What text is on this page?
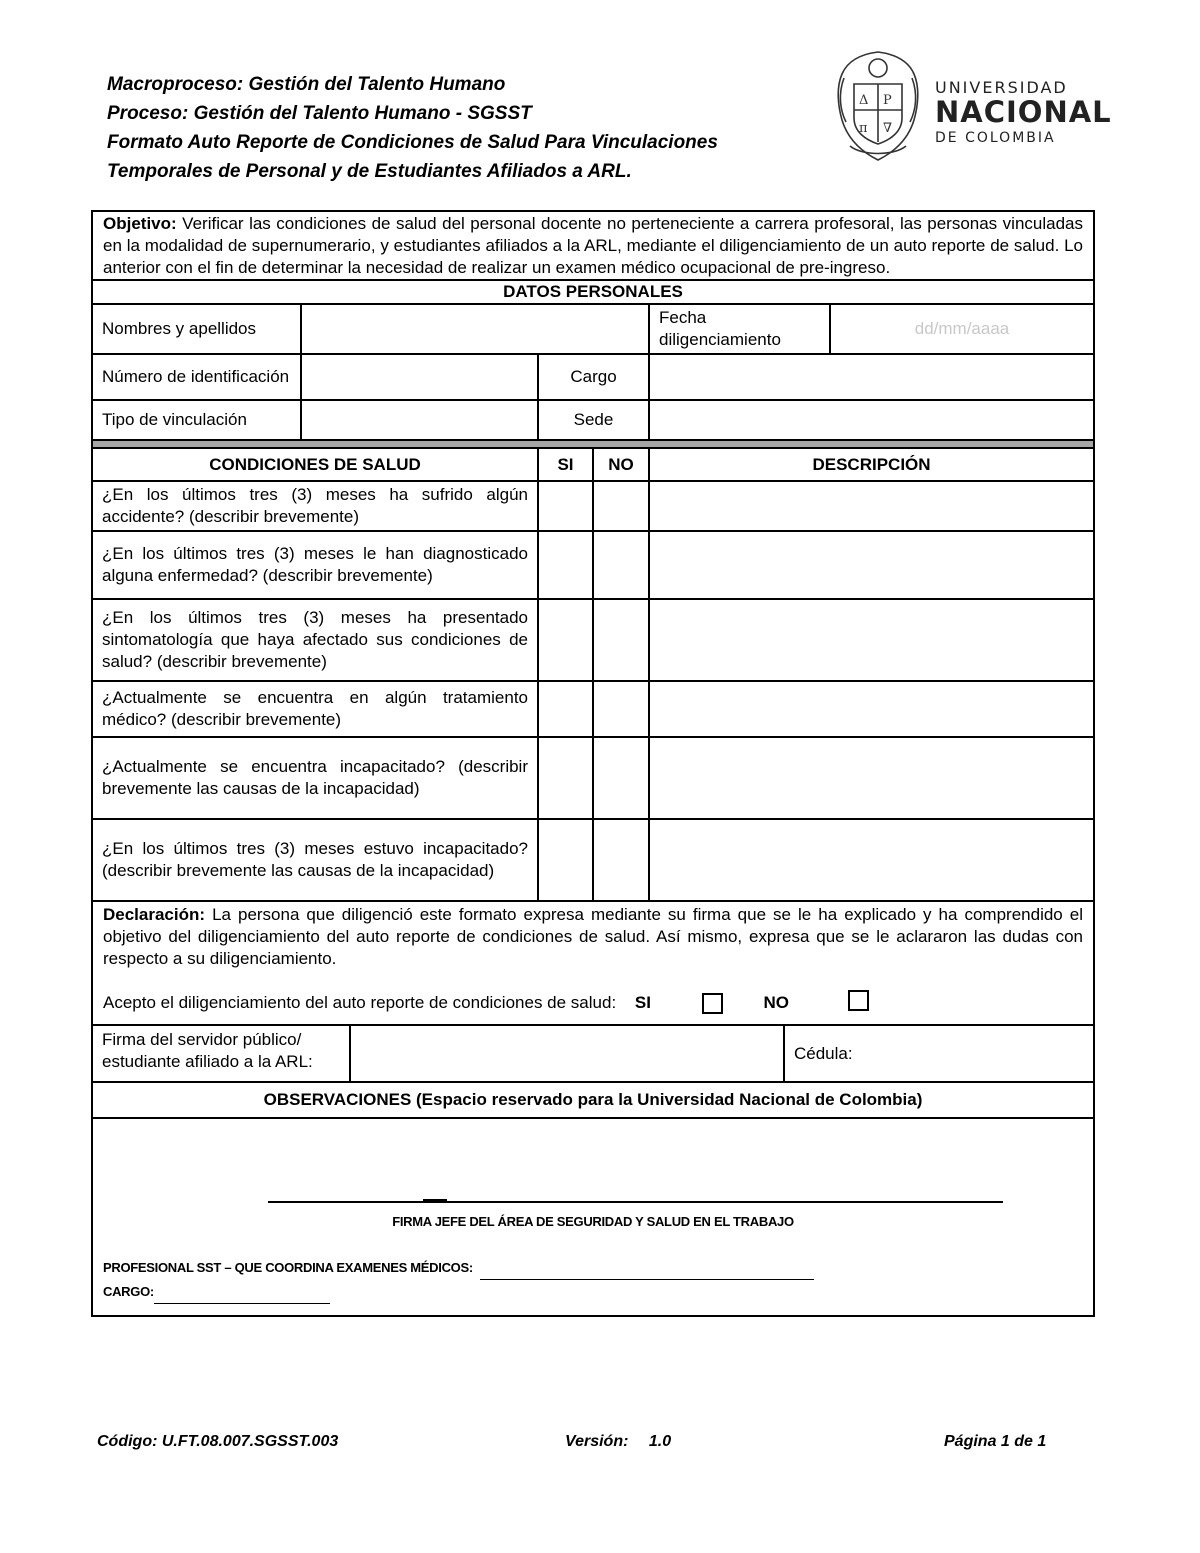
Macroproceso: Gestión del Talento Humano
Proceso: Gestión del Talento Humano - SGSST
Formato Auto Reporte de Condiciones de Salud Para Vinculaciones
Temporales de Personal y de Estudiantes Afiliados a ARL.
Δ P
π ∇
UNIVERSIDAD
NACIONAL
DE COLOMBIA
Objetivo: Verificar las condiciones de salud del personal docente no perteneciente a carrera profesoral, las personas vinculadas en la modalidad de supernumerario, y estudiantes afiliados a la ARL, mediante el diligenciamiento de un auto reporte de salud. Lo anterior con el fin de determinar la necesidad de realizar un examen médico ocupacional de pre-ingreso.					
DATOS PERSONALES					
Nombres y apellidos				Fecha diligenciamiento	dd/mm/aaaa
Número de identificación		Cargo			
Tipo de vinculación		Sede			

CONDICIONES DE SALUD		SI	NO	DESCRIPCIÓN	
¿En los últimos tres (3) meses ha sufrido algún accidente? (describir brevemente)					
¿En los últimos tres (3) meses le han diagnosticado alguna enfermedad? (describir brevemente)					
¿En los últimos tres (3) meses ha presentado sintomatología que haya afectado sus condiciones de salud? (describir brevemente)					
¿Actualmente se encuentra en algún tratamiento médico? (describir brevemente)					
¿Actualmente se encuentra incapacitado? (describir brevemente las causas de la incapacidad)					
¿En los últimos tres (3) meses estuvo incapacitado? (describir brevemente las causas de la incapacidad)					
Declaración: La persona que diligenció este formato expresa mediante su firma que se le ha explicado y ha comprendido el objetivo del diligenciamiento del auto reporte de condiciones de salud. Así mismo, expresa que se le aclararon las dudas con respecto a su diligenciamiento.
Acepto el diligenciamiento del auto reporte de condiciones de salud: SI NO					

Firma del servidor público/ estudiante afiliado a la ARL: Cédula:					

OBSERVACIONES (Espacio reservado para la Universidad Nacional de Colombia)					

FIRMA JEFE DEL ÁREA DE SEGURIDAD Y SALUD EN EL TRABAJO
PROFESIONAL SST – QUE COORDINA EXAMENES MÉDICOS:
CARGO:					
Código: U.FT.08.007.SGSST.003	Versión: 1.0	Página 1 de 1
